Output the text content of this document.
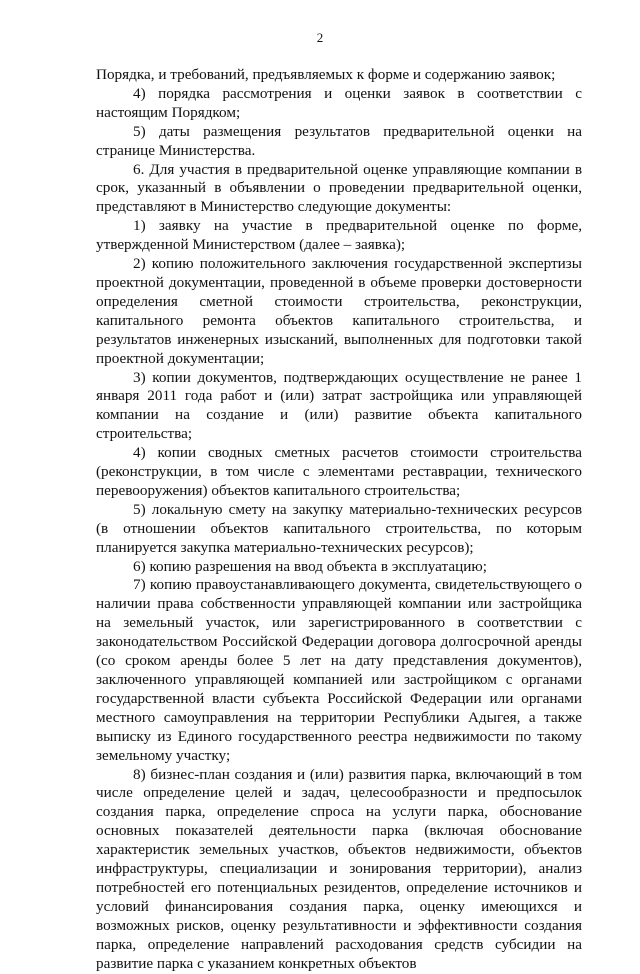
2

Порядка, и требований, предъявляемых к форме и содержанию заявок;

4) порядка рассмотрения и оценки заявок в соответствии с настоящим Порядком;

5) даты размещения результатов предварительной оценки на странице Министерства.

6. Для участия в предварительной оценке управляющие компании в срок, указанный в объявлении о проведении предварительной оценки, представляют в Министерство следующие документы:

1) заявку на участие в предварительной оценке по форме, утвержденной Министерством (далее – заявка);

2) копию положительного заключения государственной экспертизы проектной документации, проведенной в объеме проверки достоверности определения сметной стоимости строительства, реконструкции, капитального ремонта объектов капитального строительства, и результатов инженерных изысканий, выполненных для подготовки такой проектной документации;

3) копии документов, подтверждающих осуществление не ранее 1 января 2011 года работ и (или) затрат застройщика или управляющей компании на создание и (или) развитие объекта капитального строительства;

4) копии сводных сметных расчетов стоимости строительства (реконструкции, в том числе с элементами реставрации, технического перевооружения) объектов капитального строительства;

5) локальную смету на закупку материально-технических ресурсов (в отношении объектов капитального строительства, по которым планируется закупка материально-технических ресурсов);

6) копию разрешения на ввод объекта в эксплуатацию;

7) копию правоустанавливающего документа, свидетельствующего о наличии права собственности управляющей компании или застройщика на земельный участок, или зарегистрированного в соответствии с законодательством Российской Федерации договора долгосрочной аренды (со сроком аренды более 5 лет на дату представления документов), заключенного управляющей компанией или застройщиком с органами государственной власти субъекта Российской Федерации или органами местного самоуправления на территории Республики Адыгея, а также выписку из Единого государственного реестра недвижимости по такому земельному участку;

8) бизнес-план создания и (или) развития парка, включающий в том числе определение целей и задач, целесообразности и предпосылок создания парка, определение спроса на услуги парка, обоснование основных показателей деятельности парка (включая обоснование характеристик земельных участков, объектов недвижимости, объектов инфраструктуры, специализации и зонирования территории), анализ потребностей его потенциальных резидентов, определение источников и условий финансирования создания парка, оценку имеющихся и возможных рисков, оценку результативности и эффективности создания парка, определение направлений расходования средств субсидии на развитие парка с указанием конкретных объектов
